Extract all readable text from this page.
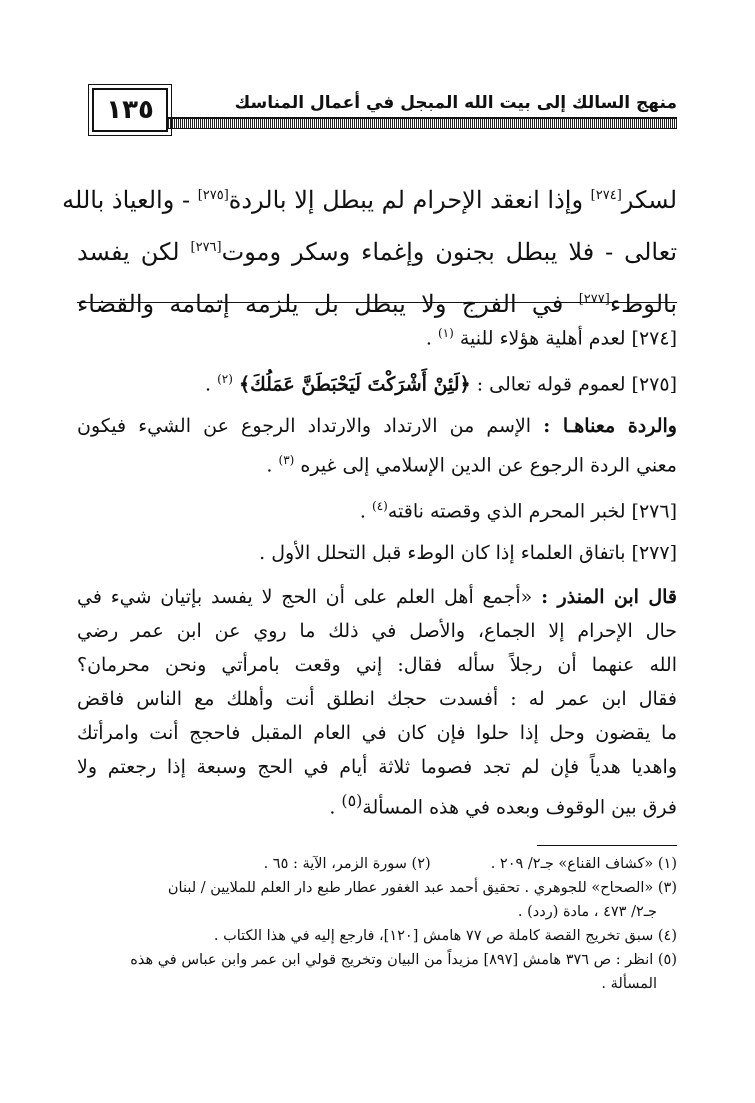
منهج السالك إلى بيت الله المبجل في أعمال المناسك
١٣٥
لسكر[٢٧٤] وإذا انعقد الإحرام لم يبطل إلا بالردة[٢٧٥] - والعياذ بالله
تعالى - فلا يبطل بجنون وإغماء وسكر وموت[٢٧٦] لكن يفسد
بالوطء[٢٧٧] في الفرج ولا يبطل بل يلزمه إتمامه والقضاء
[٢٧٤] لعدم أهلية هؤلاء للنية $^{(١)}$ .
[٢٧٥] لعموم قوله تعالى : ﴿لَئِنْ أَشْرَكْتَ لَيَحْبَطَنَّ عَمَلُكَ﴾ $^{(٢)}$ .
والردة معناهـا : الإسم من الارتداد والارتداد الرجوع عن الشيء فيكون
معني الردة الرجوع عن الدين الإسلامي إلى غيره $^{(٣)}$ .
[٢٧٦] لخبر المحرم الذي وقصته ناقته$^{(٤)}$ .
[٢٧٧] باتفاق العلماء إذا كان الوطء قبل التحلل الأول .
قال ابن المنذر : «أجمع أهل العلم على أن الحج لا يفسد بإتيان شيء في
حال الإحرام إلا الجماع، والأصل في ذلك ما روي عن ابن عمر رضي
الله عنهما أن رجلاً سأله فقال: إني وقعت بامرأتي ونحن محرمان؟
فقال ابن عمر له : أفسدت حجك انطلق أنت وأهلك مع الناس فاقض
ما يقضون وحل إذا حلوا فإن كان في العام المقبل فاحجج أنت وامرأتك
واهديا هدياً فإن لم تجد فصوما ثلاثة أيام في الحج وسبعة إذا رجعتم ولا
فرق بين الوقوف وبعده في هذه المسألة$^{(٥)}$ .
(١) «كشاف القناع» جـ٢/ ٢٠٩ .
(٢) سورة الزمر، الآية : ٦٥ .
(٣) «الصحاح» للجوهري . تحقيق أحمد عبد الغفور عطار طبع دار العلم للملايين / لبنان
جـ٢/ ٤٧٣ ، مادة (ردد) .
(٤) سبق تخريج القصة كاملة ص ٧٧ هامش [١٢٠]، فارجع إليه في هذا الكتاب .
(٥) انظر : ص ٣٧٦ هامش [٨٩٧] مزيداً من البيان وتخريج قولي ابن عمر وابن عباس في هذه
المسألة .
